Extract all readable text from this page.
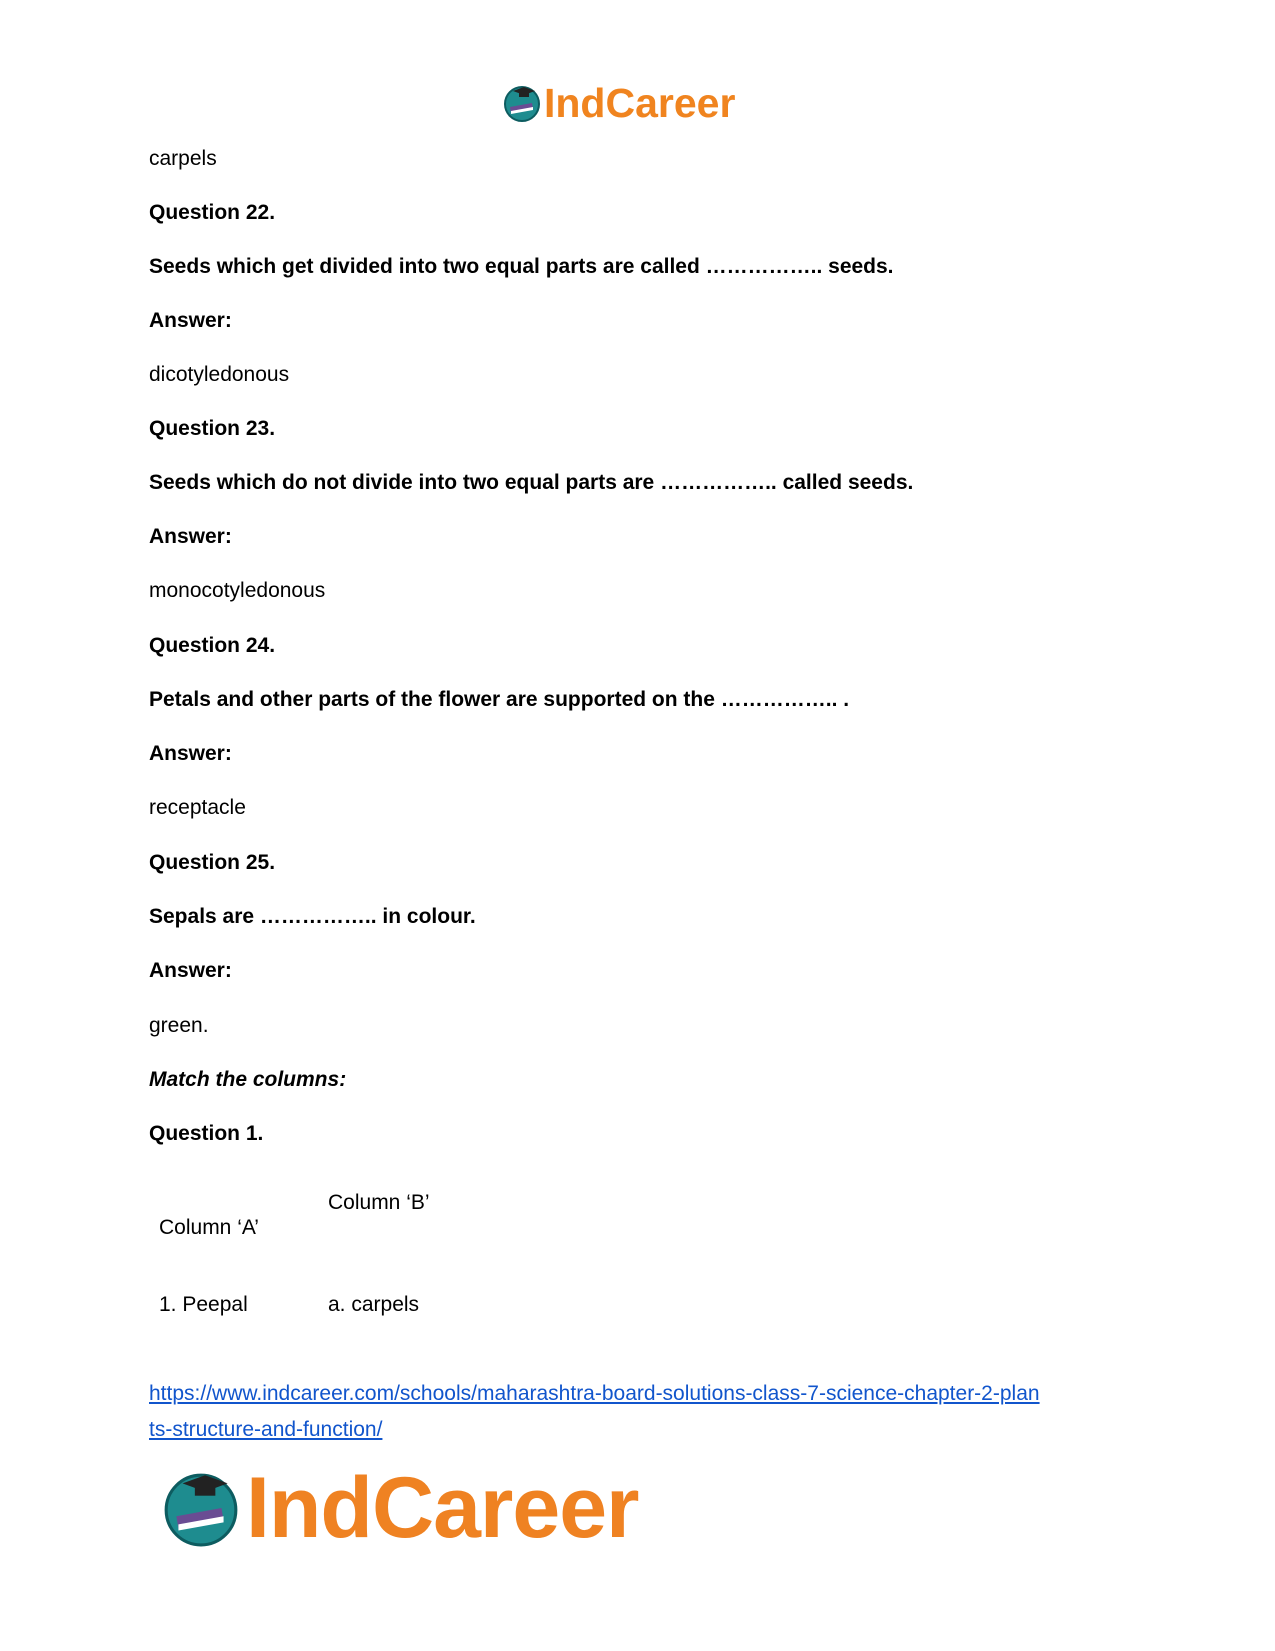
IndCareer
carpels
Question 22.
Seeds which get divided into two equal parts are called …………….. seeds.
Answer:
dicotyledonous
Question 23.
Seeds which do not divide into two equal parts are …………….. called seeds.
Answer:
monocotyledonous
Question 24.
Petals and other parts of the flower are supported on the …………….. .
Answer:
receptacle
Question 25.
Sepals are …………….. in colour.
Answer:
green.
Match the columns:
Question 1.
Column ‘A’
Column ‘B’
1. Peepal	a. carpels
https://www.indcareer.com/schools/maharashtra-board-solutions-class-7-science-chapter-2-plan
ts-structure-and-function/
IndCareer
